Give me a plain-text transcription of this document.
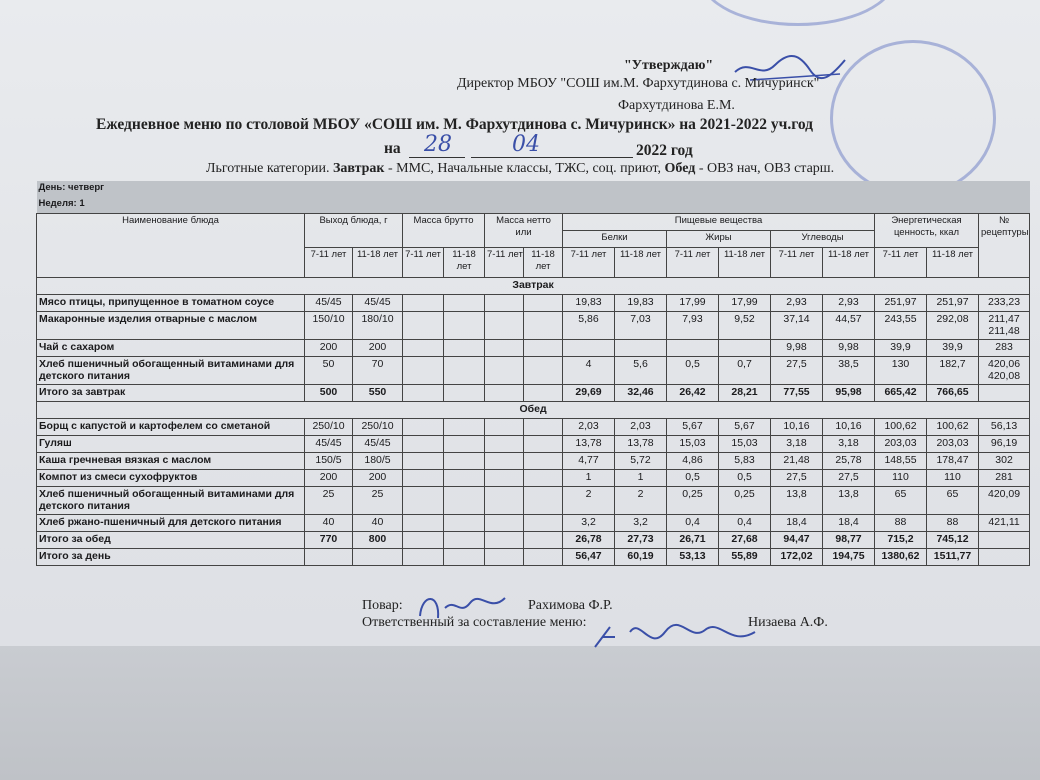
"Утверждаю"
Директор МБОУ "СОШ им.М. Фархутдинова с. Мичуринск"
Фархутдинова Е.М.
Ежедневное меню по столовой МБОУ «СОШ им. М. Фархутдинова с. Мичуринск» на 2021-2022 уч.год
на 28	04	2022 год
Льготные категории. Завтрак - ММС, Начальные классы, ТЖС, соц. приют, Обед - ОВЗ нач, ОВЗ старш.
День: четверг															
Неделя: 1															
Наименование блюда	Выход блюда, г		Масса брутто		Масса нетто или		Пищевые вещества						Энергетическая ценность, ккал		№ рецептуры
							Белки		Жиры		Углеводы				
	7-11 лет	11-18 лет	7-11 лет	11-18 лет	7-11 лет	11-18 лет	7-11 лет	11-18 лет	7-11 лет	11-18 лет	7-11 лет	11-18 лет	7-11 лет	11-18 лет	
Завтрак															
Мясо птицы, припущенное в томатном соусе	45/45	45/45					19,83	19,83	17,99	17,99	2,93	2,93	251,97	251,97	233,23
Макаронные изделия отварные с маслом	150/10	180/10					5,86	7,03	7,93	9,52	37,14	44,57	243,55	292,08	211,47 211,48
Чай с сахаром	200	200									9,98	9,98	39,9	39,9	283
Хлеб пшеничный обогащенный витаминами для детского питания	50	70					4	5,6	0,5	0,7	27,5	38,5	130	182,7	420,06 420,08
Итого за завтрак	500	550					29,69	32,46	26,42	28,21	77,55	95,98	665,42	766,65	
Обед															
Борщ с капустой и картофелем со сметаной	250/10	250/10					2,03	2,03	5,67	5,67	10,16	10,16	100,62	100,62	56,13
Гуляш	45/45	45/45					13,78	13,78	15,03	15,03	3,18	3,18	203,03	203,03	96,19
Каша гречневая вязкая с маслом	150/5	180/5					4,77	5,72	4,86	5,83	21,48	25,78	148,55	178,47	302
Компот из смеси сухофруктов	200	200					1	1	0,5	0,5	27,5	27,5	110	110	281
Хлеб пшеничный обогащенный витаминами для детского питания	25	25					2	2	0,25	0,25	13,8	13,8	65	65	420,09
Хлеб ржано-пшеничный для детского питания	40	40					3,2	3,2	0,4	0,4	18,4	18,4	88	88	421,11
Итого за обед	770	800					26,78	27,73	26,71	27,68	94,47	98,77	715,2	745,12	
Итого за день							56,47	60,19	53,13	55,89	172,02	194,75	1380,62	1511,77	
Повар:	Рахимова Ф.Р.
Ответственный за составление меню:	Низаева А.Ф.
